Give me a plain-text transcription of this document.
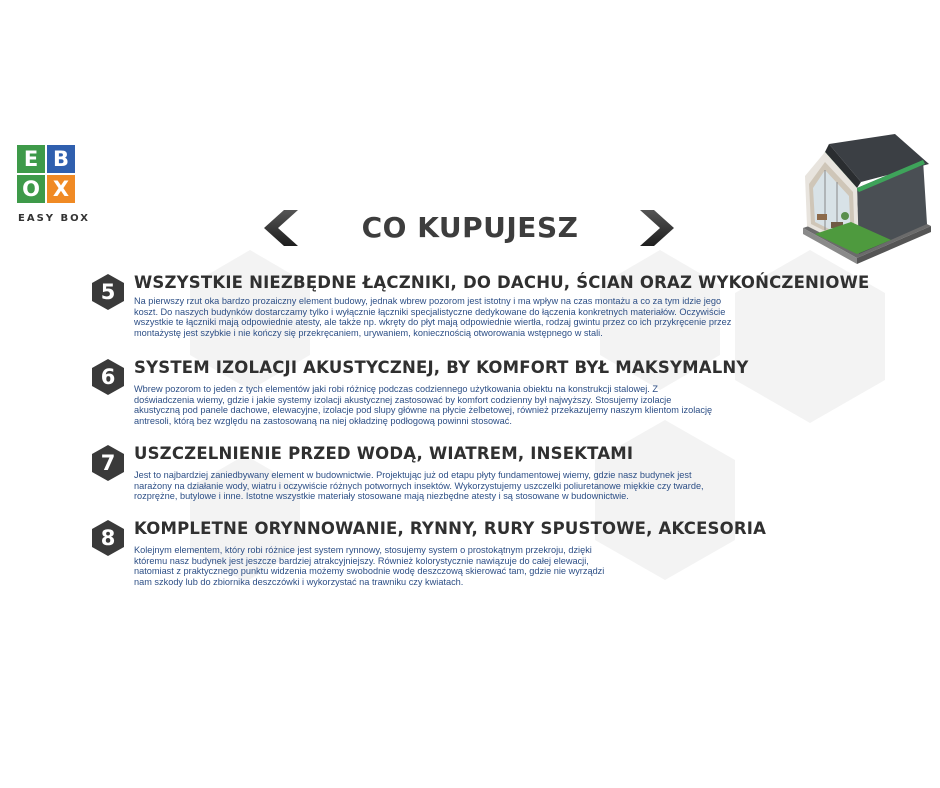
E B
O X
EASY BOX	CO KUPUJESZ
5	WSZYSTKIE NIEZBĘDNE ŁĄCZNIKI, DO DACHU, ŚCIAN ORAZ WYKOŃCZENIOWE

Na pierwszy rzut oka bardzo prozaiczny element budowy, jednak wbrew pozorom jest istotny i ma wpływ na czas montażu a co za tym idzie jego koszt. Do naszych budynków dostarczamy tylko i wyłącznie łączniki specjalistyczne dedykowane do łączenia konkretnych materiałów. Oczywiście wszystkie te łączniki mają odpowiednie atesty, ale także np. wkręty do płyt mają odpowiednie wiertła, rodzaj gwintu przez co ich przykręcenie przez montażystę jest szybkie i nie kończy się przekręcaniem, urywaniem, koniecznością otworowania wstępnego w stali.

6	SYSTEM IZOLACJI AKUSTYCZNEJ, BY KOMFORT BYŁ MAKSYMALNY

Wbrew pozorom to jeden z tych elementów jaki robi różnicę podczas codziennego użytkowania obiektu na konstrukcji stalowej. Z doświadczenia wiemy, gdzie i jakie systemy izolacji akustycznej zastosować by komfort codzienny był najwyższy. Stosujemy izolacje akustyczną pod panele dachowe, elewacyjne, izolacje pod slupy główne na płycie żelbetowej, również przekazujemy naszym klientom izolację antresoli, którą bez względu na zastosowaną na niej okładzinę podłogową powinni stosować.

7	USZCZELNIENIE PRZED WODĄ, WIATREM, INSEKTAMI

Jest to najbardziej zaniedbywany element w budownictwie. Projektując już od etapu płyty fundamentowej wiemy, gdzie nasz budynek jest narażony na działanie wody, wiatru i oczywiście różnych potwornych insektów. Wykorzystujemy uszczelki poliuretanowe miękkie czy twarde, rozprężne, butylowe i inne. Istotne wszystkie materiały stosowane mają niezbędne atesty i są stosowane w budownictwie.

8	KOMPLETNE ORYNNOWANIE, RYNNY, RURY SPUSTOWE, AKCESORIA

Kolejnym elementem, który robi różnice jest system rynnowy, stosujemy system o prostokątnym przekroju, dzięki któremu nasz budynek jest jeszcze bardziej atrakcyjniejszy. Również kolorystycznie nawiązuje do całej elewacji, natomiast z praktycznego punktu widzenia możemy swobodnie wodę deszczową skierować tam, gdzie nie wyrządzi nam szkody lub do zbiornika deszczówki i wykorzystać na trawniku czy kwiatach.
